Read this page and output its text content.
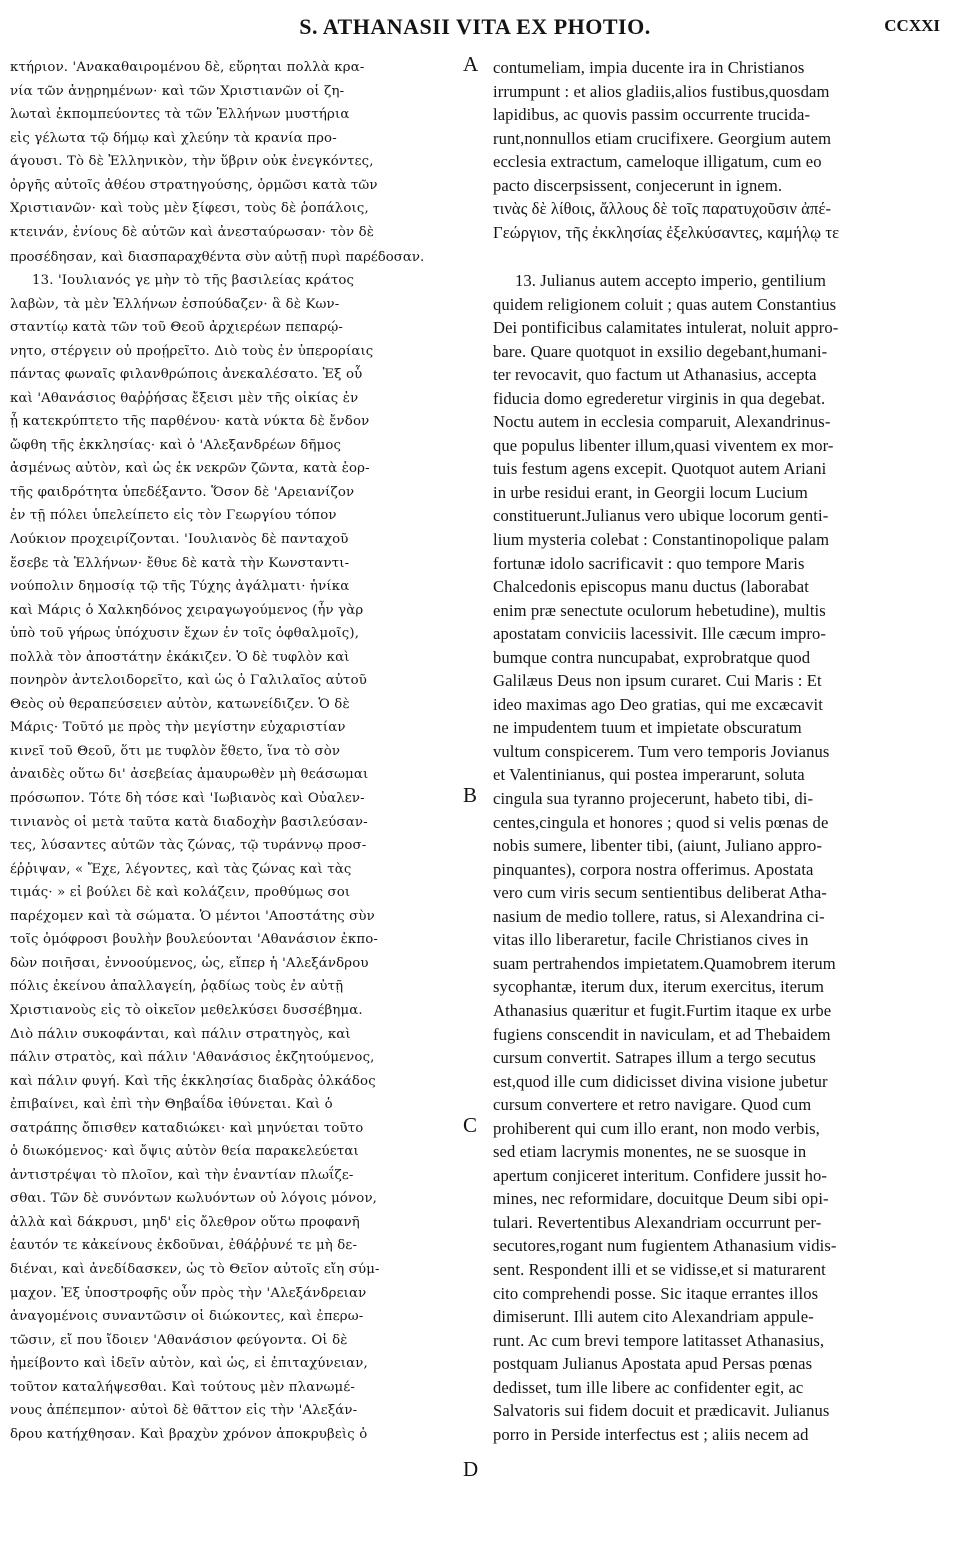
S. ATHANASII VITA EX PHOTIO.	CCXXI
A
B
C
D
κτήριον. 'Ανακαθαιρομένου δὲ, εὕρηται πολλὰ κρα-
νία τῶν ἀνῃρημένων· καὶ τῶν Χριστιανῶν οἱ ζη-
λωταὶ ἐκπομπεύοντες τὰ τῶν Ἑλλήνων μυστήρια
εἰς γέλωτα τῷ δήμῳ καὶ χλεύην τὰ κρανία προ-
άγουσι. Τὸ δὲ Ἑλληνικὸν, τὴν ὕβριν οὐκ ἐνεγκόντες,
ὀργῆς αὐτοῖς ἀθέου στρατηγούσης, ὁρμῶσι κατὰ τῶν
Χριστιανῶν· καὶ τοὺς μὲν ξίφεσι, τοὺς δὲ ῥοπάλοις,
κτεινάν, ἐνίους δὲ αὐτῶν καὶ ἀνεσταύρωσαν· τὸν δὲ
contumeliam, impia ducente ira in Christianos
irrumpunt : et alios gladiis,alios fustibus,quosdam
lapidibus, ac quovis passim occurrente trucida-
runt,nonnullos etiam crucifixere. Georgium autem
ecclesia extractum, cameloque illigatum, cum eo
pacto discerpsissent, conjecerunt in ignem.
τινὰς δὲ λίθοις, ἄλλους δὲ τοῖς παρατυχοῦσιν ἀπέ-
Γεώργιον, τῆς ἐκκλησίας ἐξελκύσαντες, καμήλῳ τε
προσέδησαν, καὶ διασπαραχθέντα σὺν αὐτῇ πυρὶ παρέδοσαν.
13. 'Ιουλιανός γε μὴν τὸ τῆς βασιλείας κράτος
λαβὼν, τὰ μὲν Ἑλλήνων ἐσπούδαζεν· ἃ δὲ Κων-
σταντίῳ κατὰ τῶν τοῦ Θεοῦ ἀρχιερέων πεπαρῴ-
νητο, στέργειν οὐ προῄρεῖτο. Διὸ τοὺς ἐν ὑπερορίαις
πάντας φωναῖς φιλανθρώποις ἀνεκαλέσατο. Ἐξ οὗ
καὶ 'Αθανάσιος θαῤῥήσας ἔξεισι μὲν τῆς οἰκίας ἐν
ᾗ κατεκρύπτετο τῆς παρθένου· κατὰ νύκτα δὲ ἔνδον
ὤφθη τῆς ἐκκλησίας· καὶ ὁ 'Αλεξανδρέων δῆμος
ἀσμένως αὐτὸν, καὶ ὡς ἐκ νεκρῶν ζῶντα, κατὰ ἑορ-
τῆς φαιδρότητα ὑπεδέξαντο. Ὅσον δὲ 'Αρειανίζον
ἐν τῇ πόλει ὑπελείπετο εἰς τὸν Γεωργίου τόπον
Λούκιον προχειρίζονται. 'Ιουλιανὸς δὲ πανταχοῦ
ἔσεβε τὰ Ἑλλήνων· ἔθυε δὲ κατὰ τὴν Κωνσταντι-
νούπολιν δημοσίᾳ τῷ τῆς Τύχης ἀγάλματι· ἡνίκα
καὶ Μάρις ὁ Χαλκηδόνος χειραγωγούμενος (ἦν γὰρ
ὑπὸ τοῦ γήρως ὑπόχυσιν ἔχων ἐν τοῖς ὀφθαλμοῖς),
πολλὰ τὸν ἀποστάτην ἐκάκιζεν. Ὁ δὲ τυφλὸν καὶ
πονηρὸν ἀντελοιδορεῖτο, καὶ ὡς ὁ Γαλιλαῖος αὐτοῦ
Θεὸς οὐ θεραπεύσειεν αὐτὸν, κατωνείδιζεν. Ὁ δὲ
Μάρις· Τοῦτό με πρὸς τὴν μεγίστην εὐχαριστίαν
κινεῖ τοῦ Θεοῦ, ὅτι με τυφλὸν ἔθετο, ἵνα τὸ σὸν
ἀναιδὲς οὕτω δι' ἀσεβείας ἀμαυρωθὲν μὴ θεάσωμαι
πρόσωπον. Τότε δὴ τόσε καὶ 'Ιωβιανὸς καὶ Οὐαλεν-
τινιανὸς οἱ μετὰ ταῦτα κατὰ διαδοχὴν βασιλεύσαν-
τες, λύσαντες αὐτῶν τὰς ζώνας, τῷ τυράννῳ προσ-
έῤῥιψαν, « Ἔχε, λέγοντες, καὶ τὰς ζώνας καὶ τὰς
τιμάς· » εἰ βούλει δὲ καὶ κολάζειν, προθύμως σοι
παρέχομεν καὶ τὰ σώματα. Ὁ μέντοι 'Αποστάτης σὺν
τοῖς ὁμόφροσι βουλὴν βουλεύονται 'Αθανάσιον ἐκπο-
δὼν ποιῆσαι, ἐννοούμενος, ὡς, εἴπερ ἡ 'Αλεξάνδρου
πόλις ἐκείνου ἀπαλλαγείη, ῥᾳδίως τοὺς ἐν αὐτῇ
Χριστιανοὺς εἰς τὸ οἰκεῖον μεθελκύσει δυσσέβημα.
Διὸ πάλιν συκοφάνται, καὶ πάλιν στρατηγὸς, καὶ
πάλιν στρατὸς, καὶ πάλιν 'Αθανάσιος ἐκζητούμενος,
καὶ πάλιν φυγή. Καὶ τῆς ἐκκλησίας διαδρὰς ὁλκάδος
ἐπιβαίνει, καὶ ἐπὶ τὴν Θηβαΐδα ἰθύνεται. Καὶ ὁ
σατράπης ὄπισθεν καταδιώκει· καὶ μηνύεται τοῦτο
ὁ διωκόμενος· καὶ ὄψις αὐτὸν θεία παρακελεύεται
ἀντιστρέψαι τὸ πλοῖον, καὶ τὴν ἐναντίαν πλωΐζε-
σθαι. Τῶν δὲ συνόντων κωλυόντων οὐ λόγοις μόνον,
ἀλλὰ καὶ δάκρυσι, μηδ' εἰς ὄλεθρον οὕτω προφανῆ
ἑαυτόν τε κἀκείνους ἐκδοῦναι, ἐθάῤῥυνέ τε μὴ δε-
διέναι, καὶ ἀνεδίδασκεν, ὡς τὸ Θεῖον αὐτοῖς εἴη σύμ-
μαχον. Ἐξ ὑποστροφῆς οὖν πρὸς τὴν 'Αλεξάνδρειαν
ἀναγομένοις συναντῶσιν οἱ διώκοντες, καὶ ἐπερω-
τῶσιν, εἴ που ἴδοιεν 'Αθανάσιον φεύγοντα. Οἱ δὲ
ἠμείβοντο καὶ ἰδεῖν αὐτὸν, καὶ ὡς, εἰ ἐπιταχύνειαν,
τοῦτον καταλήψεσθαι. Καὶ τούτους μὲν πλανωμέ-
νους ἀπέπεμπον· αὐτοὶ δὲ θᾶττον εἰς τὴν 'Αλεξάν-
δρου κατήχθησαν. Καὶ βραχὺν χρόνον ἀποκρυβεὶς ὁ
13. Julianus autem accepto imperio, gentilium
quidem religionem coluit ; quas autem Constantius
Dei pontificibus calamitates intulerat, noluit appro-
bare. Quare quotquot in exsilio degebant,humani-
ter revocavit, quo factum ut Athanasius, accepta
fiducia domo egrederetur virginis in qua degebat.
Noctu autem in ecclesia comparuit, Alexandrinus-
que populus libenter illum,quasi viventem ex mor-
tuis festum agens excepit. Quotquot autem Ariani
in urbe residui erant, in Georgii locum Lucium
constituerunt.Julianus vero ubique locorum genti-
lium mysteria colebat : Constantinopolique palam
fortunæ idolo sacrificavit : quo tempore Maris
Chalcedonis episcopus manu ductus (laborabat
enim præ senectute oculorum hebetudine), multis
apostatam conviciis lacessivit. Ille cæcum impro-
bumque contra nuncupabat, exprobratque quod
Galilæus Deus non ipsum curaret. Cui Maris : Et
ideo maximas ago Deo gratias, qui me excæcavit
ne impudentem tuum et impietate obscuratum
vultum conspicerem. Tum vero temporis Jovianus
et Valentinianus, qui postea imperarunt, soluta
cingula sua tyranno projecerunt, habeto tibi, di-
centes,cingula et honores ; quod si velis pœnas de
nobis sumere, libenter tibi, (aiunt, Juliano appro-
pinquantes), corpora nostra offerimus. Apostata
vero cum viris secum sentientibus deliberat Atha-
nasium de medio tollere, ratus, si Alexandrina ci-
vitas illo liberaretur, facile Christianos cives in
suam pertrahendos impietatem.Quamobrem iterum
sycophantæ, iterum dux, iterum exercitus, iterum
Athanasius quæritur et fugit.Furtim itaque ex urbe
fugiens conscendit in naviculam, et ad Thebaidem
cursum convertit. Satrapes illum a tergo secutus
est,quod ille cum didicisset divina visione jubetur
cursum convertere et retro navigare. Quod cum
prohiberent qui cum illo erant, non modo verbis,
sed etiam lacrymis monentes, ne se suosque in
apertum conjiceret interitum. Confidere jussit ho-
mines, nec reformidare, docuitque Deum sibi opi-
tulari. Revertentibus Alexandriam occurrunt per-
secutores,rogant num fugientem Athanasium vidis-
sent. Respondent illi et se vidisse,et si maturarent
cito comprehendi posse. Sic itaque errantes illos
dimiserunt. Illi autem cito Alexandriam appule-
runt. Ac cum brevi tempore latitasset Athanasius,
postquam Julianus Apostata apud Persas pœnas
dedisset, tum ille libere ac confidenter egit, ac
Salvatoris sui fidem docuit et prædicavit. Julianus
porro in Perside interfectus est ; aliis necem ad
